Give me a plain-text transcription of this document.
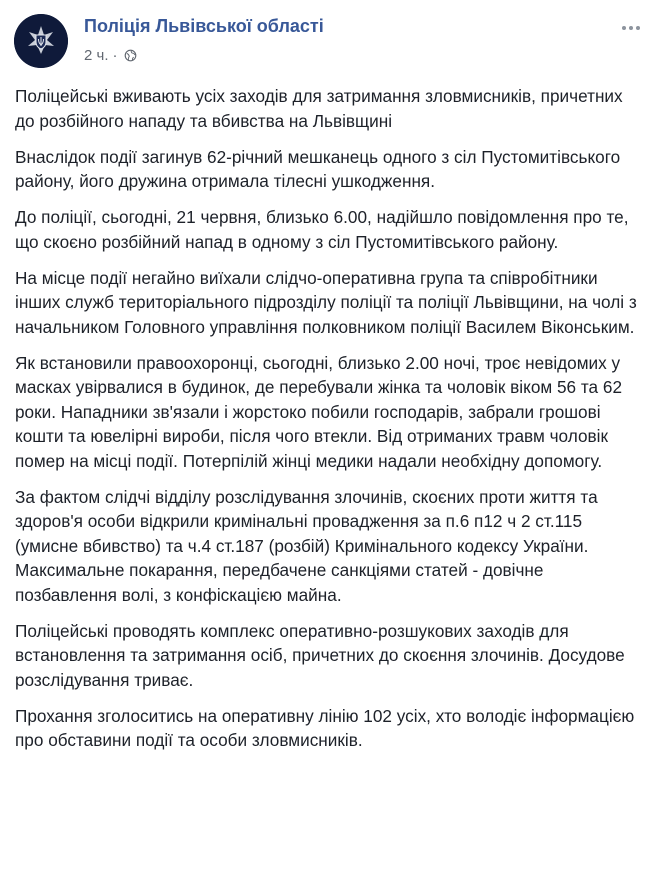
Поліція Львівської області
2 ч. ·

Поліцейські вживають усіх заходів для затримання зловмисників, причетних до розбійного нападу та вбивства на Львівщині

Внаслідок події загинув 62-річний мешканець одного з сіл Пустомитівського району, його дружина отримала тілесні ушкодження.

До поліції, сьогодні, 21 червня, близько 6.00, надійшло повідомлення про те, що скоєно розбійний напад в одному з сіл Пустомитівського району.

На місце події негайно виїхали слідчо-оперативна група та співробітники інших служб територіального підрозділу поліції та поліції Львівщини, на чолі з начальником Головного управління полковником поліції Василем Віконським.

Як встановили правоохоронці, сьогодні, близько 2.00 ночі, троє невідомих у масках увірвалися в будинок, де перебували жінка та чоловік віком 56 та 62 роки. Нападники зв'язали і жорстоко побили господарів, забрали грошові кошти та ювелірні вироби, після чого втекли. Від отриманих травм чоловік помер на місці події. Потерпілій жінці медики надали необхідну допомогу.

За фактом слідчі відділу розслідування злочинів, скоєних проти життя та здоров'я особи відкрили кримінальні провадження за п.6 п12 ч 2 ст.115 (умисне вбивство) та ч.4 ст.187 (розбій) Кримінального кодексу України. Максимальне покарання, передбачене санкціями статей - довічне позбавлення волі, з конфіскацією майна.

Поліцейські проводять комплекс оперативно-розшукових заходів для встановлення та затримання осіб, причетних до скоєння злочинів. Досудове розслідування триває.

Прохання зголоситись на оперативну лінію 102 усіх, хто володіє інформацією про обставини події та особи зловмисників.
